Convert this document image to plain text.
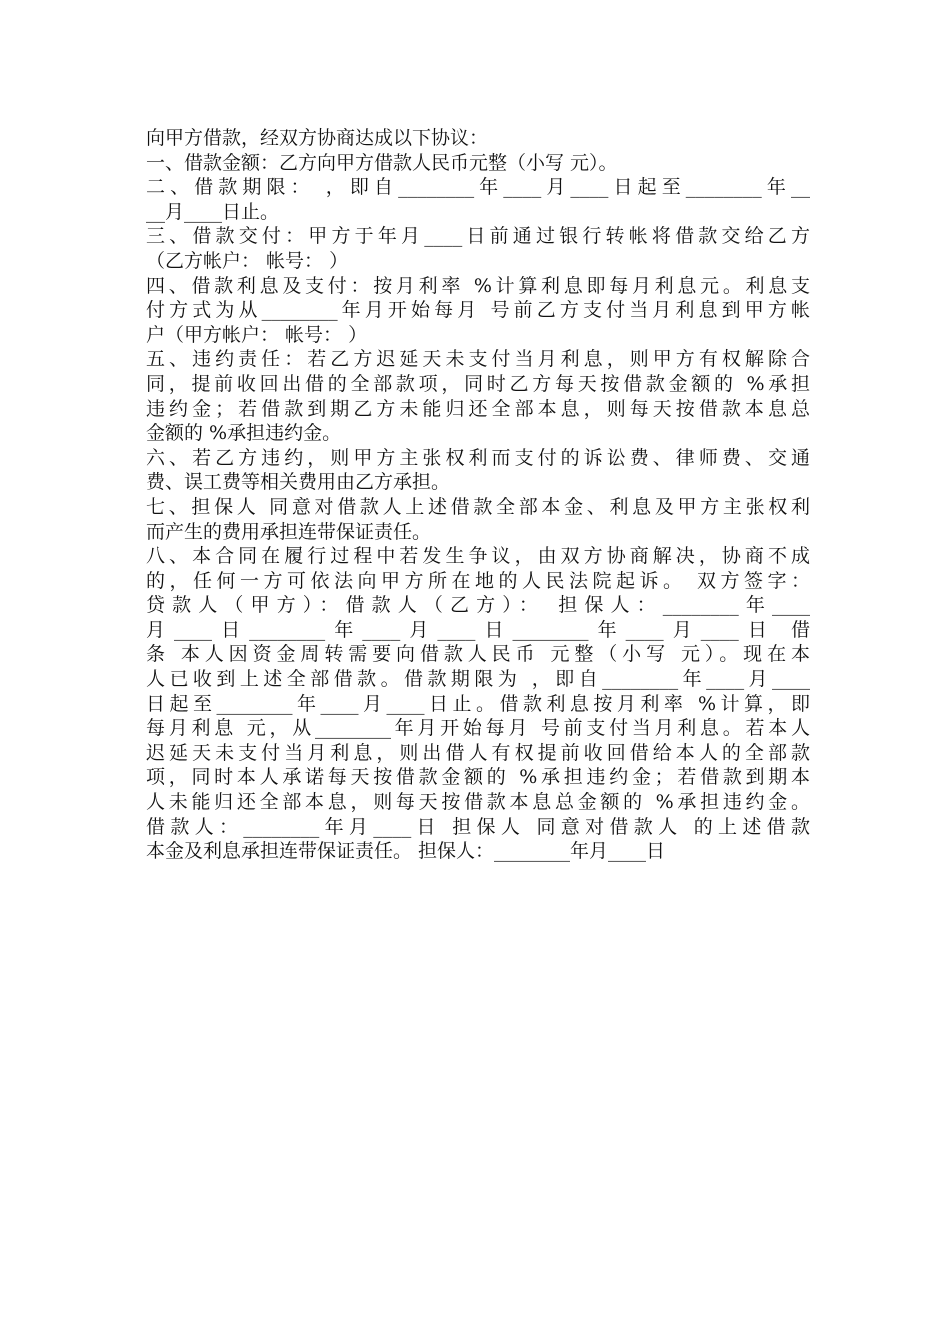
向甲方借款，经双方协商达成以下协议：
一、借款金额：乙方向甲方借款人民币元整（小写 元）。
二、借款期限： ，即自________年____月____日起至________年__
__月____日止。
三、借款交付：甲方于年月____日前通过银行转帐将借款交给乙方
（乙方帐户： 帐号： ）
四、借款利息及支付：按月利率 %计算利息即每月利息元。利息支
付方式为从________年月开始每月 号前乙方支付当月利息到甲方帐
户（甲方帐户： 帐号： ）
五、违约责任：若乙方迟延天未支付当月利息，则甲方有权解除合
同，提前收回出借的全部款项，同时乙方每天按借款金额的 %承担
违约金；若借款到期乙方未能归还全部本息，则每天按借款本息总
金额的 %承担违约金。
六、若乙方违约，则甲方主张权利而支付的诉讼费、律师费、交通
费、误工费等相关费用由乙方承担。
七、担保人 同意对借款人上述借款全部本金、利息及甲方主张权利
而产生的费用承担连带保证责任。
八、本合同在履行过程中若发生争议，由双方协商解决，协商不成
的，任何一方可依法向甲方所在地的人民法院起诉。 双方签字：
贷款人（甲方）：借款人（乙方）： 担保人：________年____
月____日________年____月____日________年____月____日 借
条 本人因资金周转需要向借款人民币 元整（小写 元）。现在本
人已收到上述全部借款。借款期限为 ，即自________年____月____
日起至________年____月____日止。借款利息按月利率 %计算，即
每月利息 元，从________年月开始每月 号前支付当月利息。若本人
迟延天未支付当月利息，则出借人有权提前收回借给本人的全部款
项，同时本人承诺每天按借款金额的 %承担违约金；若借款到期本
人未能归还全部本息，则每天按借款本息总金额的 %承担违约金。
借款人：________年月____日 担保人 同意对借款人 的上述借款
本金及利息承担连带保证责任。 担保人：________年月____日
